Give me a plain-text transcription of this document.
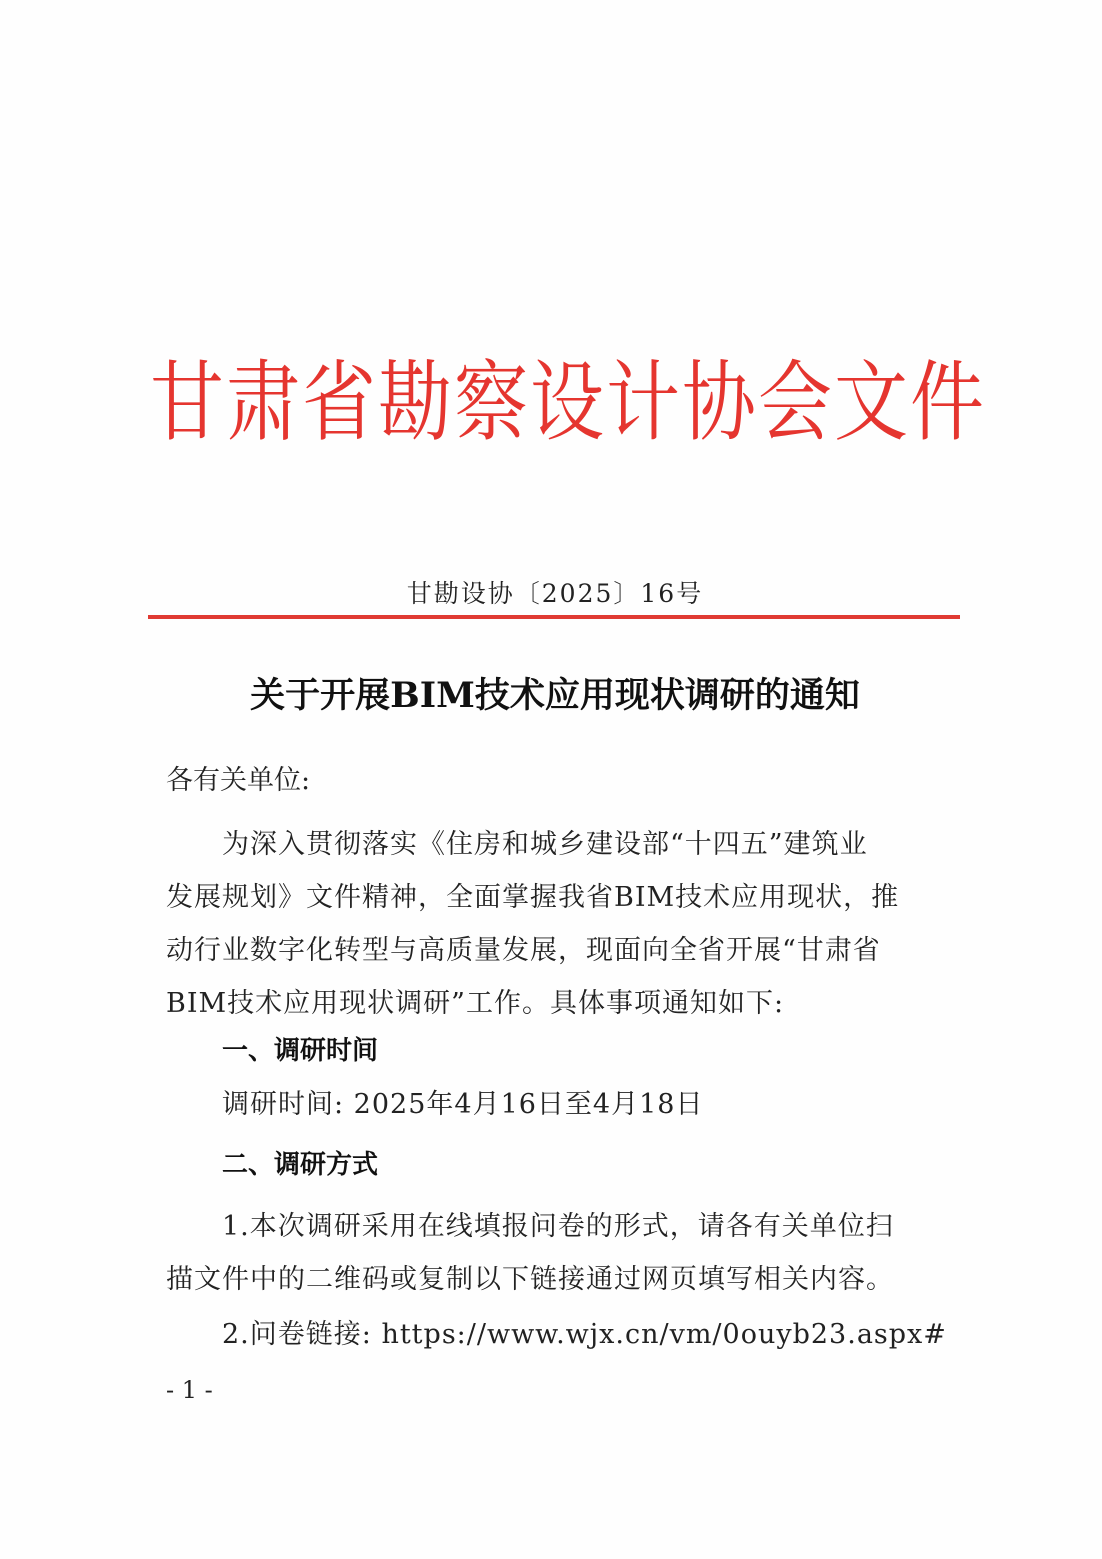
甘肃省勘察设计协会文件
甘勘设协〔2025〕16号
关于开展BIM技术应用现状调研的通知
各有关单位:
为深入贯彻落实《住房和城乡建设部“十四五”建筑业
发展规划》文件精神，全面掌握我省BIM技术应用现状，推
动行业数字化转型与高质量发展，现面向全省开展“甘肃省
BIM技术应用现状调研”工作。具体事项通知如下:
一、调研时间
调研时间: 2025年4月16日至4月18日
二、调研方式
1.本次调研采用在线填报问卷的形式，请各有关单位扫
描文件中的二维码或复制以下链接通过网页填写相关内容。
2.问卷链接: https://www.wjx.cn/vm/0ouyb23.aspx#
- 1 -
